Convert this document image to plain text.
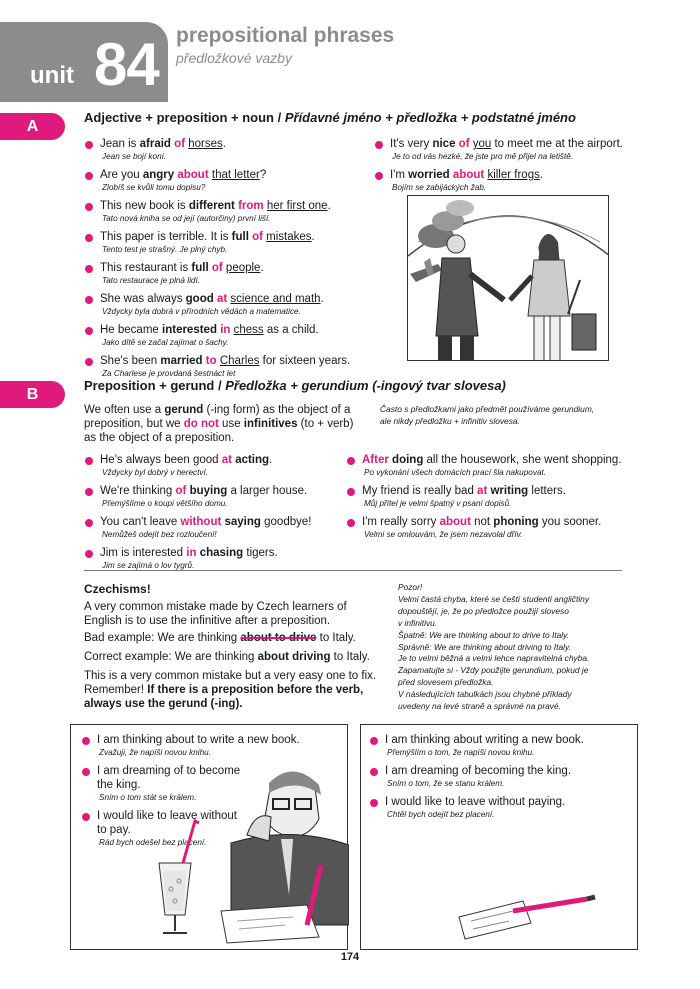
unit 84 prepositional phrases
předložkové vazby
A
Adjective + preposition + noun / Přídavné jméno + předložka + podstatné jméno
Jean is afraid of horses.
Jean se bojí koní.
Are you angry about that letter?
Zlobíš se kvůli tomu dopisu?
This new book is different from her first one.
Tato nová kniha se od její (autorčiny) první liší.
This paper is terrible. It is full of mistakes.
Tento test je strašný. Je plný chyb.
This restaurant is full of people.
Tato restaurace je plná lidí.
She was always good at science and math.
Vždycky byla dobrá v přírodních vědách a matematice.
He became interested in chess as a child.
Jako dítě se začal zajímat o šachy.
She's been married to Charles for sixteen years.
Za Charlese je provdaná šestnáct let
It's very nice of you to meet me at the airport.
Je to od vás hezké, že jste pro mě přijel na letiště.
I'm worried about killer frogs.
Bojím se zabijáckých žab.
B
Preposition + gerund / Předložka + gerundium (-ingový tvar slovesa)
We often use a gerund (-ing form) as the object of a preposition, but we do not use infinitives (to + verb) as the object of a preposition.
Často s předložkami jako předmět používáme gerundium, ale nikdy předložku + infinitiv slovesa.
He's always been good at acting.
Vždycky byl dobrý v herectví.
We're thinking of buying a larger house.
Přemýšlíme o koupi většího domu.
You can't leave without saying goodbye!
Nemůžeš odejít bez rozloučení!
Jim is interested in chasing tigers.
Jim se zajímá o lov tygrů.
After doing all the housework, she went shopping.
Po vykonání všech domácích prací šla nakupovat.
My friend is really bad at writing letters.
Můj přítel je velmi špatný v psaní dopisů.
I'm really sorry about not phoning you sooner.
Velmi se omlouvám, že jsem nezavolal dřív.
Czechisms!
A very common mistake made by Czech learners of English is to use the infinitive after a preposition.
Bad example: We are thinking about to drive to Italy.
Correct example: We are thinking about driving to Italy.
This is a very common mistake but a very easy one to fix. Remember! If there is a preposition before the verb, always use the gerund (-ing).
Pozor!
Velmi častá chyba, které se čeští studenti angličtiny
dopouštějí, je, že po předložce použijí sloveso
v infinitivu.
Špatně: We are thinking about to drive to Italy.
Správně: We are thinking about driving to Italy.
Je to velmi běžná a velmi lehce napravitelná chyba.
Zapamatujte si - Vždy použijte gerundium, pokud je
před slovesem předložka.
V následujících tabulkách jsou chybné příklady
uvedeny na levé straně a správné na pravé.
I am thinking about to write a new book.
Zvažuji, že napíši novou knihu.
I am dreaming of to become the king.
Sním o tom stát se králem.
I would like to leave without to pay.
Rád bych odešel bez placení.
I am thinking about writing a new book.
Přemýšlím o tom, že napíši novou knihu.
I am dreaming of becoming the king.
Sním o tom, že se stanu králem.
I would like to leave without paying.
Chtěl bych odejít bez placení.
174
